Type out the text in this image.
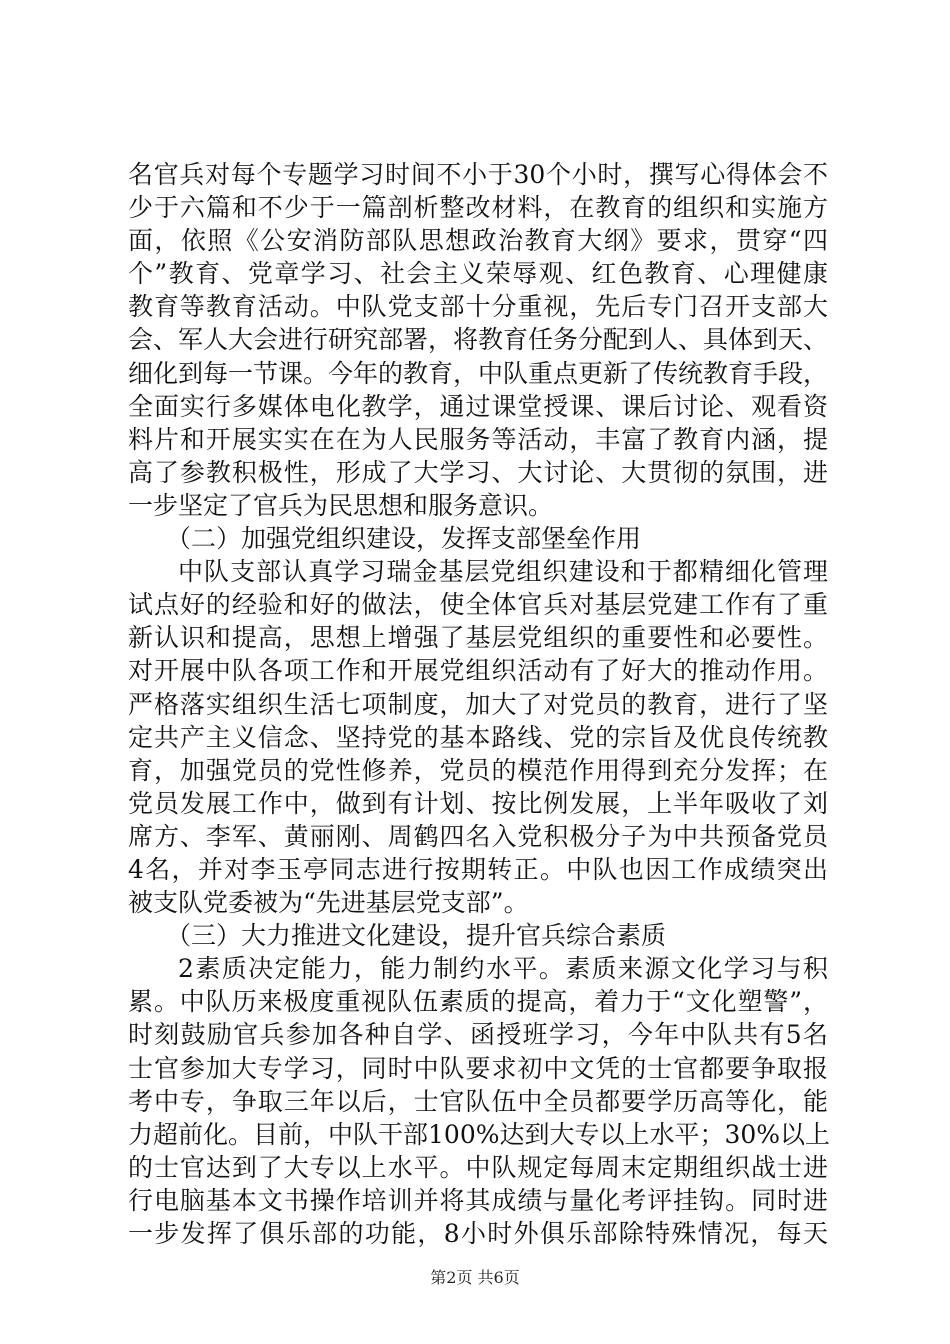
名官兵对每个专题学习时间不小于30个小时，撰写心得体会不
少于六篇和不少于一篇剖析整改材料，在教育的组织和实施方
面，依照《公安消防部队思想政治教育大纲》要求，贯穿“四
个”教育、党章学习、社会主义荣辱观、红色教育、心理健康
教育等教育活动。中队党支部十分重视，先后专门召开支部大
会、军人大会进行研究部署，将教育任务分配到人、具体到天、
细化到每一节课。今年的教育，中队重点更新了传统教育手段，
全面实行多媒体电化教学，通过课堂授课、课后讨论、观看资
料片和开展实实在在为人民服务等活动，丰富了教育内涵，提
高了参教积极性，形成了大学习、大讨论、大贯彻的氛围，进
一步坚定了官兵为民思想和服务意识。
（二）加强党组织建设，发挥支部堡垒作用
中队支部认真学习瑞金基层党组织建设和于都精细化管理
试点好的经验和好的做法，使全体官兵对基层党建工作有了重
新认识和提高，思想上增强了基层党组织的重要性和必要性。
对开展中队各项工作和开展党组织活动有了好大的推动作用。
严格落实组织生活七项制度，加大了对党员的教育，进行了坚
定共产主义信念、坚持党的基本路线、党的宗旨及优良传统教
育，加强党员的党性修养，党员的模范作用得到充分发挥；在
党员发展工作中，做到有计划、按比例发展，上半年吸收了刘
席方、李军、黄丽刚、周鹤四名入党积极分子为中共预备党员
4名，并对李玉亭同志进行按期转正。中队也因工作成绩突出
被支队党委被为“先进基层党支部”。
（三）大力推进文化建设，提升官兵综合素质
2素质决定能力，能力制约水平。素质来源文化学习与积
累。中队历来极度重视队伍素质的提高，着力于“文化塑警”，
时刻鼓励官兵参加各种自学、函授班学习，今年中队共有5名
士官参加大专学习，同时中队要求初中文凭的士官都要争取报
考中专，争取三年以后，士官队伍中全员都要学历高等化，能
力超前化。目前，中队干部100%达到大专以上水平；30%以上
的士官达到了大专以上水平。中队规定每周末定期组织战士进
行电脑基本文书操作培训并将其成绩与量化考评挂钩。同时进
一步发挥了俱乐部的功能，8小时外俱乐部除特殊情况，每天
第2页 共6页
